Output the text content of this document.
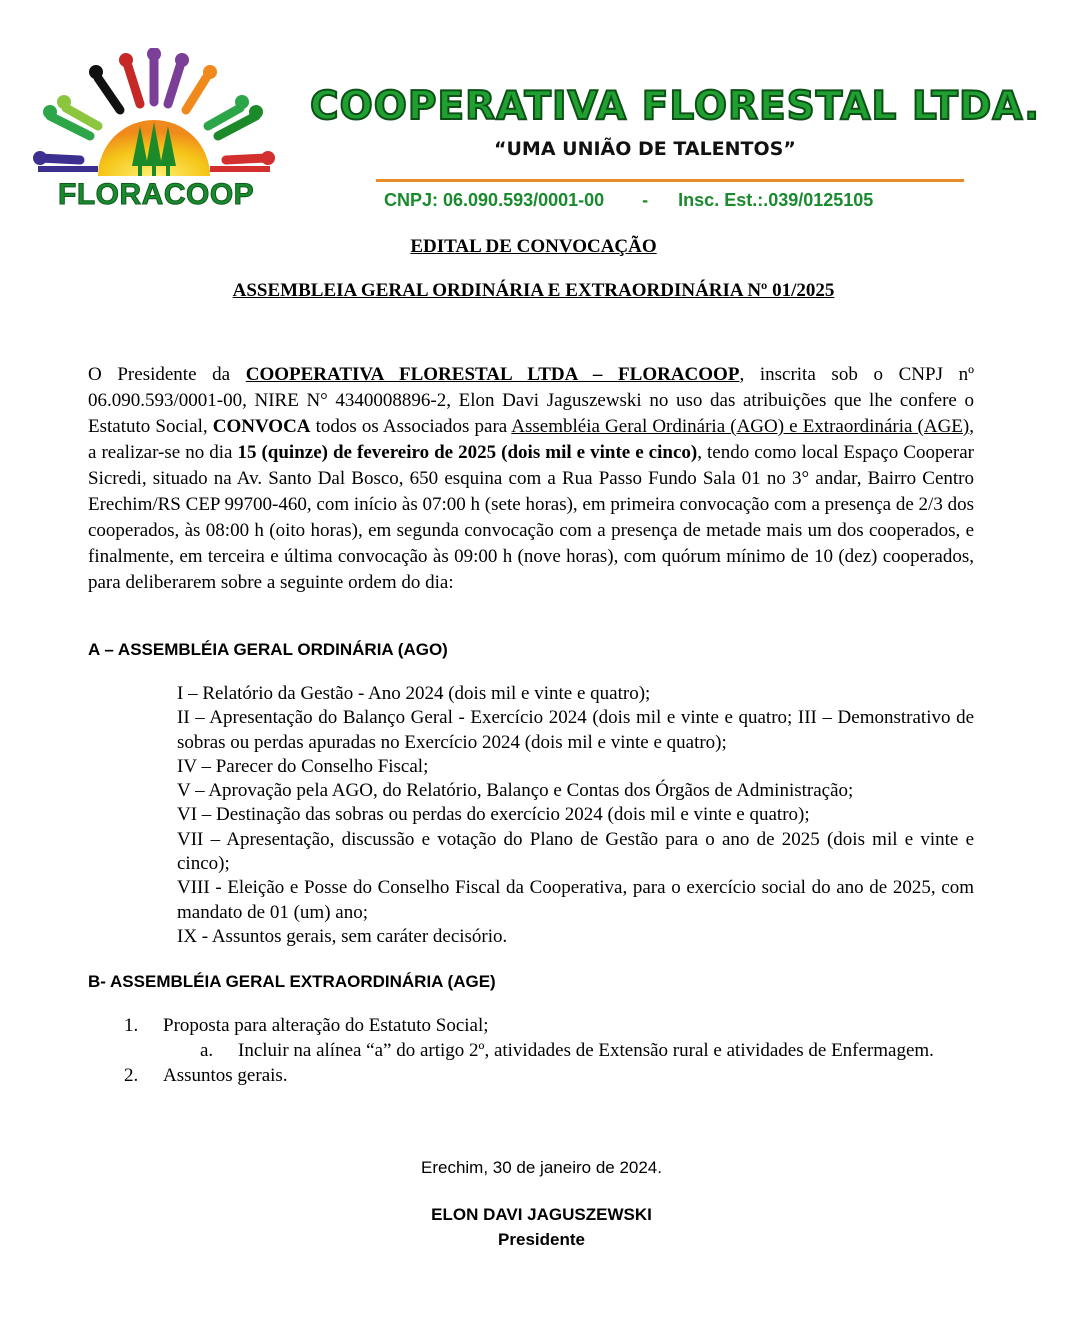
FLORACOOP
COOPERATIVA FLORESTAL LTDA.
“UMA UNIÃO DE TALENTOS”
CNPJ: 06.090.593/0001-00 - Insc. Est.:.039/0125105
EDITAL DE CONVOCAÇÃO
ASSEMBLEIA GERAL ORDINÁRIA E EXTRAORDINÁRIA Nº 01/2025
O Presidente da COOPERATIVA FLORESTAL LTDA – FLORACOOP, inscrita sob o CNPJ nº 06.090.593/0001-00, NIRE N° 4340008896-2, Elon Davi Jaguszewski no uso das atribuições que lhe confere o Estatuto Social, CONVOCA todos os Associados para Assembléia Geral Ordinária (AGO) e Extraordinária (AGE), a realizar-se no dia 15 (quinze) de fevereiro de 2025 (dois mil e vinte e cinco), tendo como local Espaço Cooperar Sicredi, situado na Av. Santo Dal Bosco, 650 esquina com a Rua Passo Fundo Sala 01 no 3° andar, Bairro Centro Erechim/RS CEP 99700-460, com início às 07:00 h (sete horas), em primeira convocação com a presença de 2/3 dos cooperados, às 08:00 h (oito horas), em segunda convocação com a presença de metade mais um dos cooperados, e finalmente, em terceira e última convocação às 09:00 h (nove horas), com quórum mínimo de 10 (dez) cooperados, para deliberarem sobre a seguinte ordem do dia:
A – ASSEMBLÉIA GERAL ORDINÁRIA (AGO)
I – Relatório da Gestão - Ano 2024 (dois mil e vinte e quatro);
II – Apresentação do Balanço Geral - Exercício 2024 (dois mil e vinte e quatro; III – Demonstrativo de sobras ou perdas apuradas no Exercício 2024 (dois mil e vinte e quatro);
IV – Parecer do Conselho Fiscal;
V – Aprovação pela AGO, do Relatório, Balanço e Contas dos Órgãos de Administração;
VI – Destinação das sobras ou perdas do exercício 2024 (dois mil e vinte e quatro);
VII – Apresentação, discussão e votação do Plano de Gestão para o ano de 2025 (dois mil e vinte e cinco);
VIII - Eleição e Posse do Conselho Fiscal da Cooperativa, para o exercício social do ano de 2025, com mandato de 01 (um) ano;
IX - Assuntos gerais, sem caráter decisório.
B- ASSEMBLÉIA GERAL EXTRAORDINÁRIA (AGE)
1. Proposta para alteração do Estatuto Social;
a. Incluir na alínea “a” do artigo 2º, atividades de Extensão rural e atividades de Enfermagem.
2. Assuntos gerais.
Erechim, 30 de janeiro de 2024.
ELON DAVI JAGUSZEWSKI
Presidente
